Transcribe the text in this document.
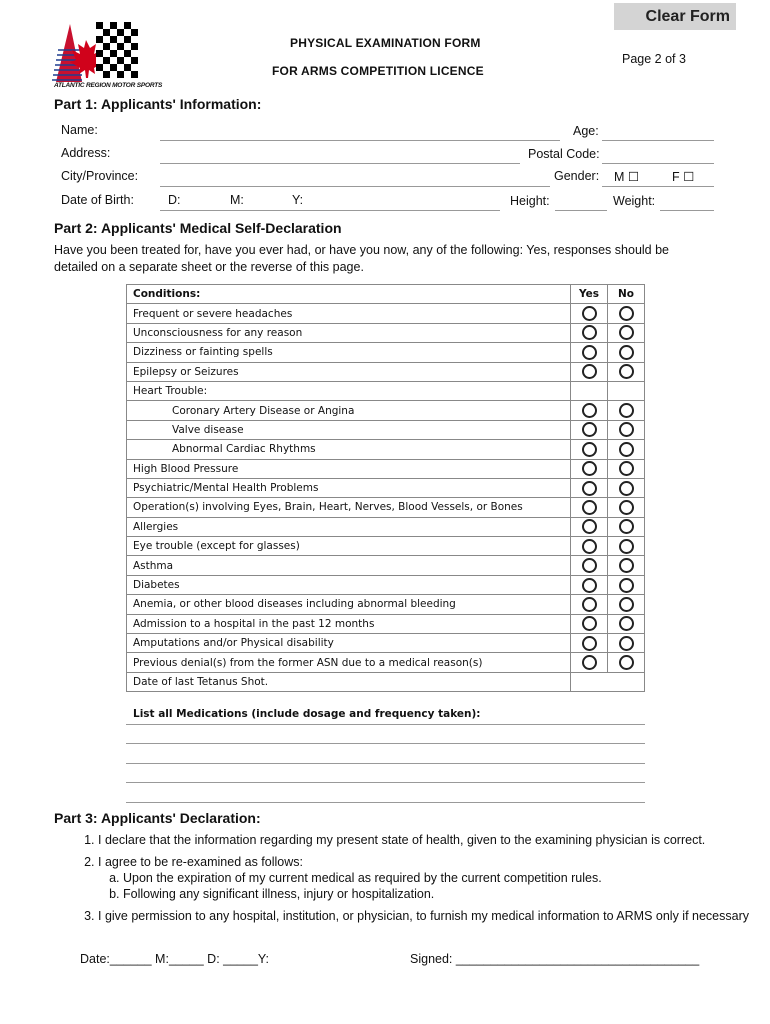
Clear Form
ATLANTIC REGION MOTOR SPORTS
PHYSICAL EXAMINATION FORM
FOR ARMS COMPETITION LICENCE
Page 2 of 3
Part 1: Applicants' Information:
Name:	Age:
Address:	Postal Code:
City/Province:	Gender: M ☐	F ☐
Date of Birth:	D:	M:	Y:	Height:	Weight:
Part 2: Applicants' Medical Self-Declaration
Have you been treated for, have you ever had, or have you now, any of the following: Yes, responses should be detailed on a separate sheet or the reverse of this page.
Conditions:	Yes	No
Frequent or severe headaches		
Unconsciousness for any reason		
Dizziness or fainting spells		
Epilepsy or Seizures		
Heart Trouble:		
Coronary Artery Disease or Angina		
Valve disease		
Abnormal Cardiac Rhythms		
High Blood Pressure		
Psychiatric/Mental Health Problems		
Operation(s) involving Eyes, Brain, Heart, Nerves, Blood Vessels, or Bones		
Allergies		
Eye trouble (except for glasses)		
Asthma		
Diabetes		
Anemia, or other blood diseases including abnormal bleeding		
Admission to a hospital in the past 12 months		
Amputations and/or Physical disability		
Previous denial(s) from the former ASN due to a medical reason(s)		
Date of last Tetanus Shot.		
List all Medications (include dosage and frequency taken):
Part 3: Applicants' Declaration:
1. I declare that the information regarding my present state of health, given to the examining physician is correct.
2. I agree to be re-examined as follows:
a. Upon the expiration of my current medical as required by the current competition rules.
b. Following any significant illness, injury or hospitalization.
3. I give permission to any hospital, institution, or physician, to furnish my medical information to ARMS only if necessary
Date:______ M:_____ D: _____Y:	Signed: ___________________________________
